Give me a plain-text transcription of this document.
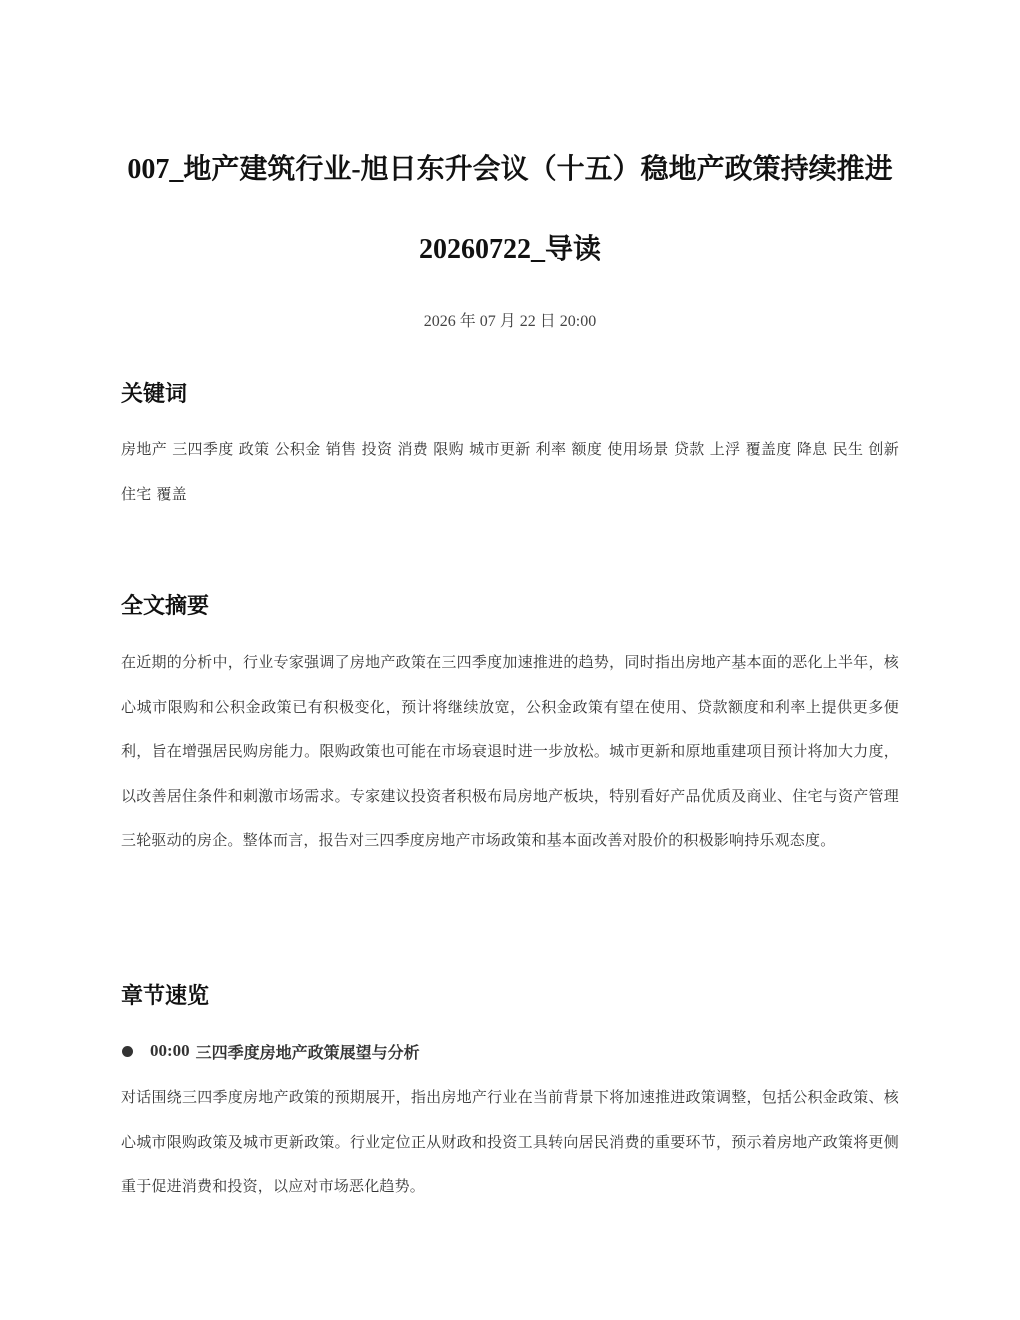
007_地产建筑行业-旭日东升会议（十五）稳地产政策持续推进 20260722_导读
2026 年 07 月 22 日 20:00
关键词

房地产 三四季度 政策 公积金 销售 投资 消费 限购 城市更新 利率 额度 使用场景 贷款 上浮 覆盖度 降息 民生 创新 住宅 覆盖

全文摘要

在近期的分析中，行业专家强调了房地产政策在三四季度加速推进的趋势，同时指出房地产基本面的恶化上半年，核心城市限购和公积金政策已有积极变化，预计将继续放宽，公积金政策有望在使用、贷款额度和利率上提供更多便利，旨在增强居民购房能力。限购政策也可能在市场衰退时进一步放松。城市更新和原地重建项目预计将加大力度，以改善居住条件和刺激市场需求。专家建议投资者积极布局房地产板块，特别看好产品优质及商业、住宅与资产管理三轮驱动的房企。整体而言，报告对三四季度房地产市场政策和基本面改善对股价的积极影响持乐观态度。

章节速览
00:00 三四季度房地产政策展望与分析

对话围绕三四季度房地产政策的预期展开，指出房地产行业在当前背景下将加速推进政策调整，包括公积金政策、核心城市限购政策及城市更新政策。行业定位正从财政和投资工具转向居民消费的重要环节，预示着房地产政策将更侧重于促进消费和投资，以应对市场恶化趋势。
